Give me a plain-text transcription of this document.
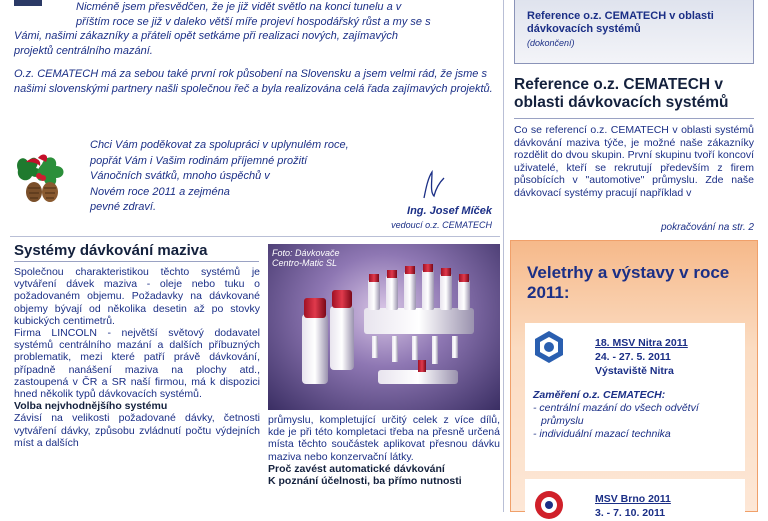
Nicméně jsem přesvědčen, že je již vidět světlo na konci tunelu a v
příštím roce se již v daleko větší míře projeví hospodářský růst a my se s
Vámi, našimi zákazníky a přáteli opět setkáme při realizaci nových, zajímavých
projektů centrálního mazání.

O.z. CEMATECH má za sebou také první rok působení na Slovensku a jsem velmi rád, že jsme s našimi slovenskými partnery našli společnou řeč a byla realizována celá řada zajímavých projektů.

Chci Vám poděkovat za spolupráci v uplynulém roce,
popřát Vám i Vašim rodinám příjemné prožití
Vánočních svátků, mnoho úspěchů v
Novém roce 2011 a zejména
pevné zdraví.	Ing. Josef Míček
vedoucí o.z. CEMATECH
Reference o.z. CEMATECH v oblasti dávkovacích systémů
(dokončení)
Reference o.z. CEMATECH v oblasti dávkovacích systémů
Co se referencí o.z. CEMATECH v oblasti systémů dávkování maziva týče, je možné naše zákazníky rozdělit do dvou skupin. První skupinu tvoří koncoví uživatelé, kteří se rekrutují především z firem působících v "automotive" průmyslu. Zde naše dávkovací systémy pracují například v
pokračování na str. 2
Veletrhy a výstavy v roce 2011:
18. MSV Nitra 2011
24. - 27. 5. 2011
Výstaviště Nitra
Zaměření o.z. CEMATECH:
- centrální mazání do všech odvětví
průmyslu
- individuální mazací technika
MSV Brno 2011
3. - 7. 10. 2011
Systémy dávkování maziva
Společnou charakteristikou těchto systémů je vytváření dávek maziva - oleje nebo tuku o požadovaném objemu. Požadavky na dávkované objemy bývají od několika desetin až po stovky kubických centimetrů.
Firma LINCOLN - největší světový dodavatel systémů centrálního mazání a dalších příbuzných problematik, mezi které patří právě dávkování, případně nanášení maziva na plochy atd., zastoupená v ČR a SR naší firmou, má k dispozici hned několik typů dávkovacích systémů.
Volba nejvhodnějšího systému
Závisí na velikosti požadované dávky, četnosti vytváření dávky, způsobu zvládnutí počtu výdejních míst a dalších
Foto: Dávkovače
Centro-Matic SL
průmyslu, kompletující určitý celek z více dílů, kde je při této kompletaci třeba na přesně určená místa těchto součástek aplikovat přesnou dávku maziva nebo konzervační látky.
Proč zavést automatické dávkování
K poznání účelnosti, ba přímo nutnosti
